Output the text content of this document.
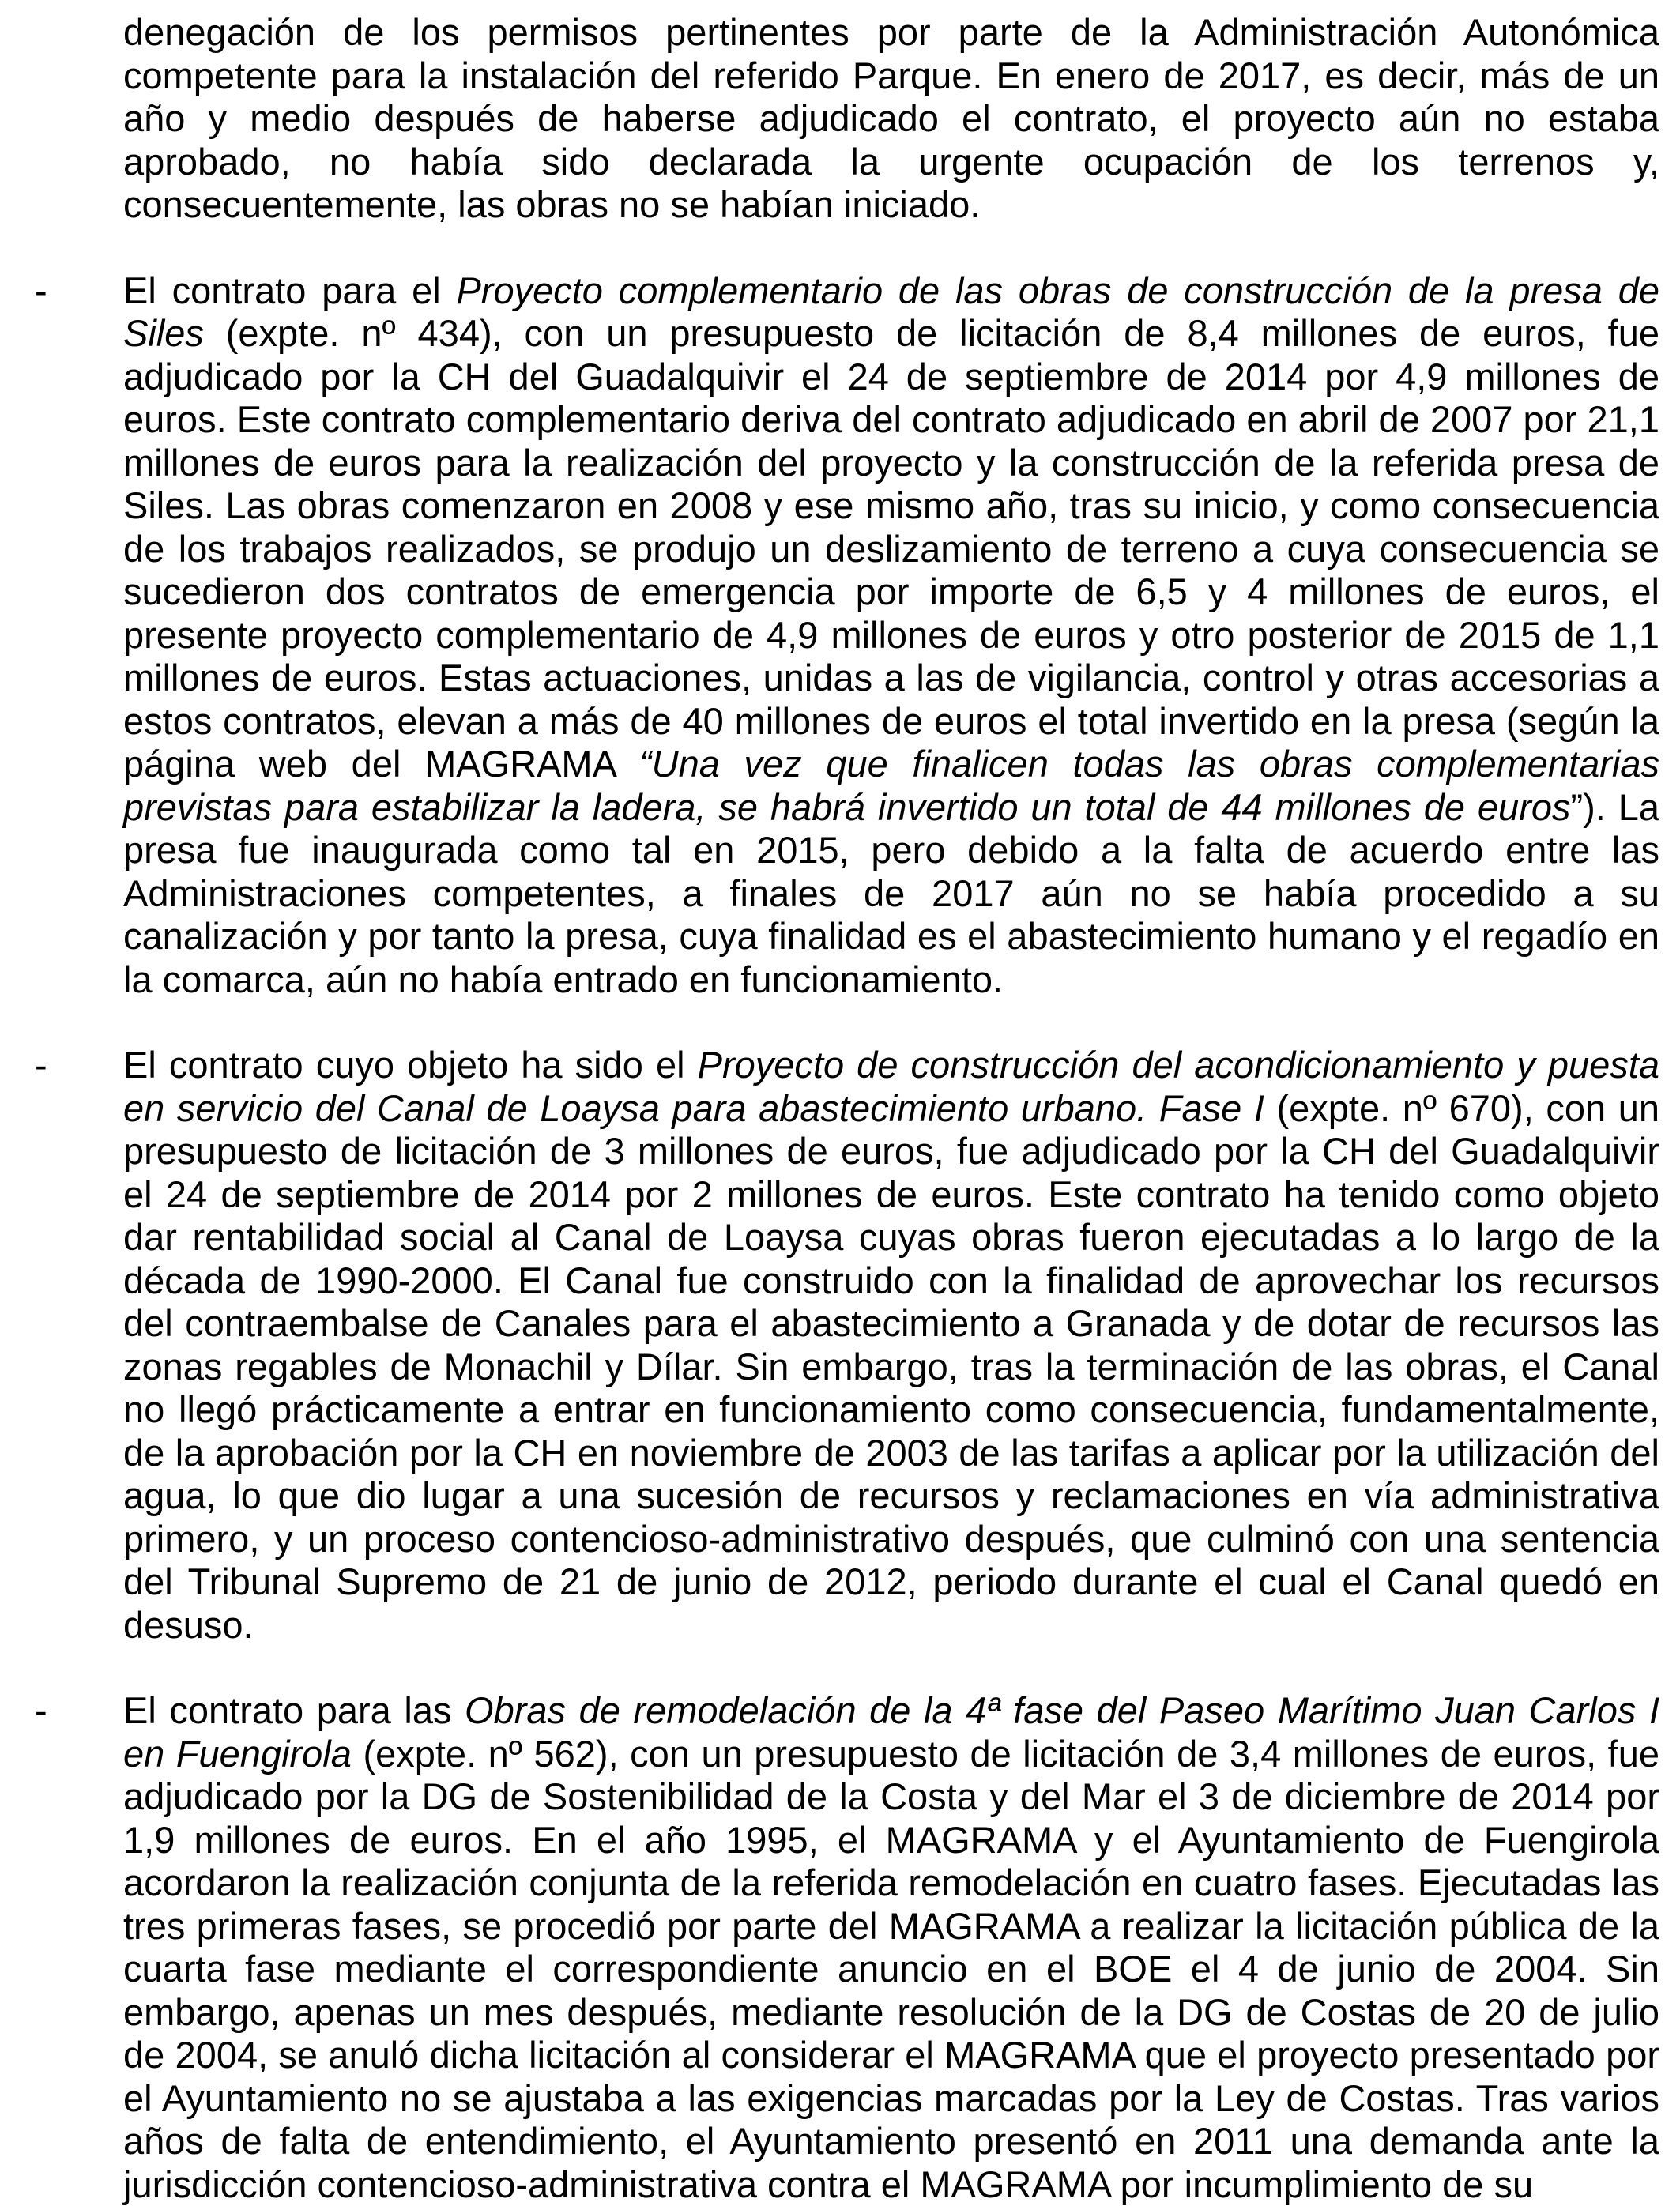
denegación de los permisos pertinentes por parte de la Administración Autonómica competente para la instalación del referido Parque. En enero de 2017, es decir, más de un año y medio después de haberse adjudicado el contrato, el proyecto aún no estaba aprobado, no había sido declarada la urgente ocupación de los terrenos y, consecuentemente, las obras no se habían iniciado.

-	El contrato para el Proyecto complementario de las obras de construcción de la presa de Siles (expte. nº 434), con un presupuesto de licitación de 8,4 millones de euros, fue adjudicado por la CH del Guadalquivir el 24 de septiembre de 2014 por 4,9 millones de euros. Este contrato complementario deriva del contrato adjudicado en abril de 2007 por 21,1 millones de euros para la realización del proyecto y la construcción de la referida presa de Siles. Las obras comenzaron en 2008 y ese mismo año, tras su inicio, y como consecuencia de los trabajos realizados, se produjo un deslizamiento de terreno a cuya consecuencia se sucedieron dos contratos de emergencia por importe de 6,5 y 4 millones de euros, el presente proyecto complementario de 4,9 millones de euros y otro posterior de 2015 de 1,1 millones de euros. Estas actuaciones, unidas a las de vigilancia, control y otras accesorias a estos contratos, elevan a más de 40 millones de euros el total invertido en la presa (según la página web del MAGRAMA “Una vez que finalicen todas las obras complementarias previstas para estabilizar la ladera, se habrá invertido un total de 44 millones de euros”). La presa fue inaugurada como tal en 2015, pero debido a la falta de acuerdo entre las Administraciones competentes, a finales de 2017 aún no se había procedido a su canalización y por tanto la presa, cuya finalidad es el abastecimiento humano y el regadío en la comarca, aún no había entrado en funcionamiento.

-	El contrato cuyo objeto ha sido el Proyecto de construcción del acondicionamiento y puesta en servicio del Canal de Loaysa para abastecimiento urbano. Fase I (expte. nº 670), con un presupuesto de licitación de 3 millones de euros, fue adjudicado por la CH del Guadalquivir el 24 de septiembre de 2014 por 2 millones de euros. Este contrato ha tenido como objeto dar rentabilidad social al Canal de Loaysa cuyas obras fueron ejecutadas a lo largo de la década de 1990-2000. El Canal fue construido con la finalidad de aprovechar los recursos del contraembalse de Canales para el abastecimiento a Granada y de dotar de recursos las zonas regables de Monachil y Dílar. Sin embargo, tras la terminación de las obras, el Canal no llegó prácticamente a entrar en funcionamiento como consecuencia, fundamentalmente, de la aprobación por la CH en noviembre de 2003 de las tarifas a aplicar por la utilización del agua, lo que dio lugar a una sucesión de recursos y reclamaciones en vía administrativa primero, y un proceso contencioso-administrativo después, que culminó con una sentencia del Tribunal Supremo de 21 de junio de 2012, periodo durante el cual el Canal quedó en desuso.

-	El contrato para las Obras de remodelación de la 4ª fase del Paseo Marítimo Juan Carlos I en Fuengirola (expte. nº 562), con un presupuesto de licitación de 3,4 millones de euros, fue adjudicado por la DG de Sostenibilidad de la Costa y del Mar el 3 de diciembre de 2014 por 1,9 millones de euros. En el año 1995, el MAGRAMA y el Ayuntamiento de Fuengirola acordaron la realización conjunta de la referida remodelación en cuatro fases. Ejecutadas las tres primeras fases, se procedió por parte del MAGRAMA a realizar la licitación pública de la cuarta fase mediante el correspondiente anuncio en el BOE el 4 de junio de 2004. Sin embargo, apenas un mes después, mediante resolución de la DG de Costas de 20 de julio de 2004, se anuló dicha licitación al considerar el MAGRAMA que el proyecto presentado por el Ayuntamiento no se ajustaba a las exigencias marcadas por la Ley de Costas. Tras varios años de falta de entendimiento, el Ayuntamiento presentó en 2011 una demanda ante la jurisdicción contencioso-administrativa contra el MAGRAMA por incumplimiento de su
